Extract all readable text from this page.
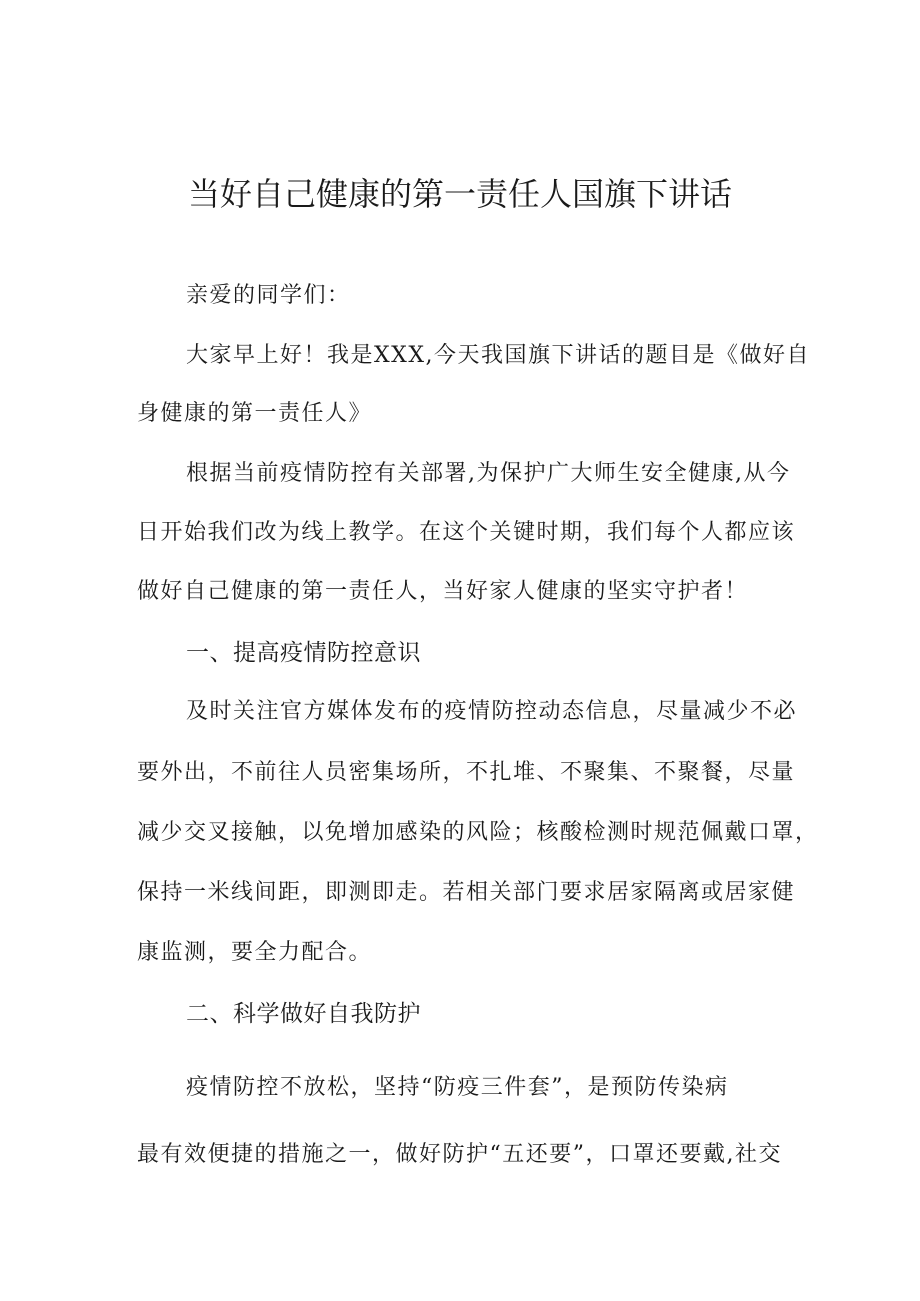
当好自己健康的第一责任人国旗下讲话
亲爱的同学们：
大家早上好！我是XXX,今天我国旗下讲话的题目是《做好自
身健康的第一责任人》
根据当前疫情防控有关部署,为保护广大师生安全健康,从今
日开始我们改为线上教学。在这个关键时期，我们每个人都应该
做好自己健康的第一责任人，当好家人健康的坚实守护者！
一、提高疫情防控意识
及时关注官方媒体发布的疫情防控动态信息，尽量减少不必
要外出，不前往人员密集场所，不扎堆、不聚集、不聚餐，尽量
减少交叉接触，以免增加感染的风险；核酸检测时规范佩戴口罩，
保持一米线间距，即测即走。若相关部门要求居家隔离或居家健
康监测，要全力配合。
二、科学做好自我防护
疫情防控不放松，坚持“防疫三件套”，是预防传染病
最有效便捷的措施之一，做好防护“五还要”，口罩还要戴,社交
